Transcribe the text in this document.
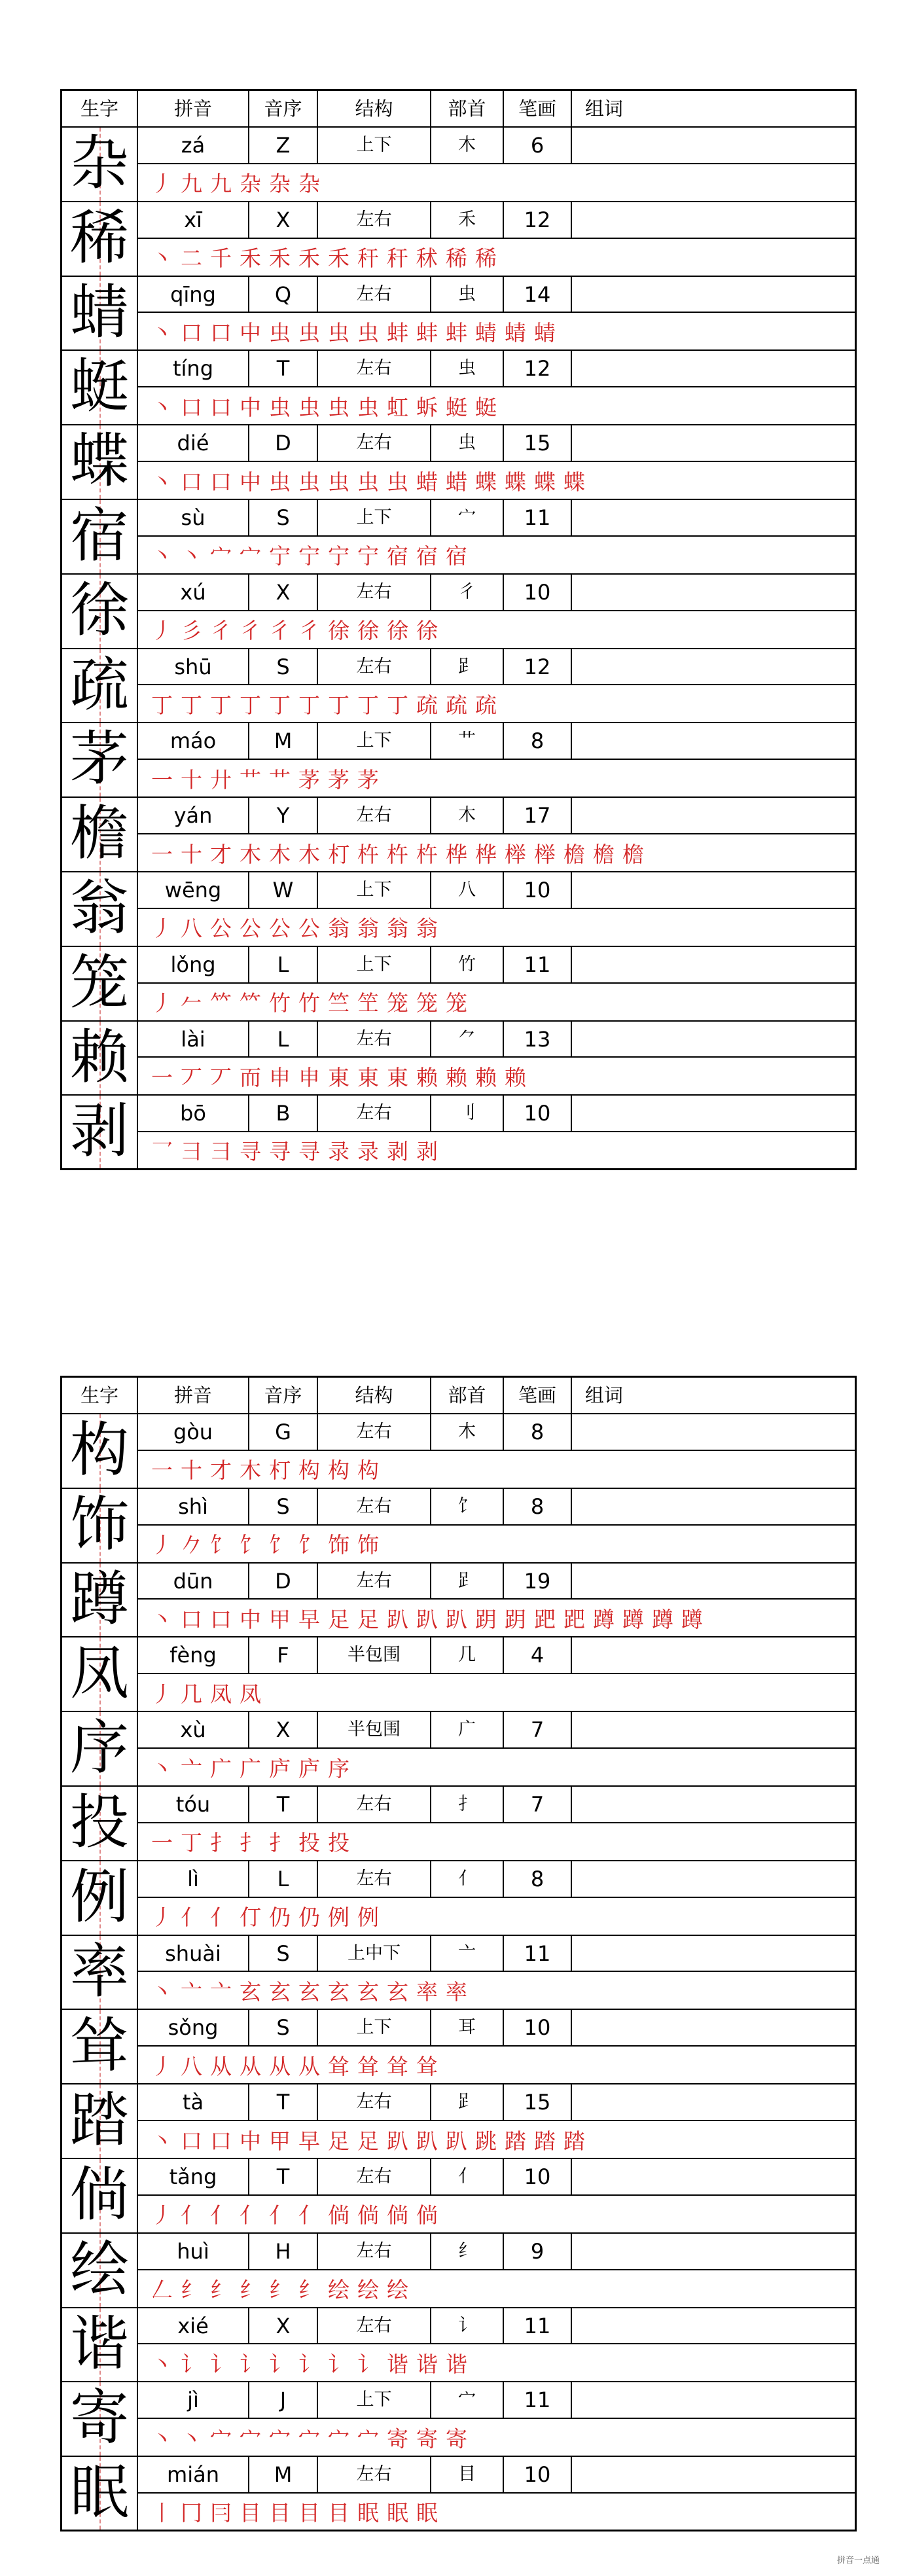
生字	拼音	音序	结构	部首	笔画	组词
杂	zá	Z	上下	木	6
丿 九 九 杂 杂 杂
稀	xī	X	左右	禾	12
丶 二 千 禾 禾 禾 禾 秆 秆 秫 稀 稀
蜻	qīng	Q	左右	虫	14
丶 口 口 中 虫 虫 虫 虫 蚌 蚌 蚌 蜻 蜻 蜻
蜓	tíng	T	左右	虫	12
丶 口 口 中 虫 虫 虫 虫 虹 蚸 蜓 蜓
蝶	dié	D	左右	虫	15
丶 口 口 中 虫 虫 虫 虫 虫 蜡 蜡 蝶 蝶 蝶 蝶
宿	sù	S	上下	宀	11
丶 丶 宀 宀 宁 宁 宁 宁 宿 宿 宿
徐	xú	X	左右	彳	10
丿 彡 彳 彳 彳 彳 徐 徐 徐 徐
疏	shū	S	左右	𧾷	12
丁 丁 丁 丁 丁 丁 丁 丁 丁 疏 疏 疏
茅	máo	M	上下	艹	8
一 十 廾 艹 艹 茅 茅 茅
檐	yán	Y	左右	木	17
一 十 才 木 木 木 朾 杵 杵 杵 桦 桦 榉 榉 檐 檐 檐
翁	wēng	W	上下	八	10
丿 八 公 公 公 公 翁 翁 翁 翁
笼	lǒng	L	上下	竹	11
丿 𠂉 𥫗 𥫗 竹 竹 竺 笁 笼 笼 笼
赖	lài	L	左右	⺈	13
一 丆 丆 而 申 申 東 東 東 赖 赖 赖 赖
剥	bō	B	左右	刂	10
乛 彐 彐 寻 寻 寻 录 录 剥 剥
生字	拼音	音序	结构	部首	笔画	组词
构	gòu	G	左右	木	8
一 十 才 木 朾 构 构 构
饰	shì	S	左右	饣	8
丿 𠂊 饣 饣 饣 饣 饰 饰
蹲	dūn	D	左右	𧾷	19
丶 口 口 中 甲 早 足 足 趴 趴 趴 跀 跀 跁 跁 蹲 蹲 蹲 蹲
凤	fèng	F	半包围	几	4
丿 几 凤 凤
序	xù	X	半包围	广	7
丶 亠 广 广 庐 庐 序
投	tóu	T	左右	扌	7
一 丁 扌 扌 扌 投 投
例	lì	L	左右	亻	8
丿 亻 亻 仃 仍 仍 例 例
率	shuài	S	上中下	亠	11
丶 亠 亠 玄 玄 玄 玄 玄 玄 率 率
耸	sǒng	S	上下	耳	10
丿 八 从 从 从 从 耸 耸 耸 耸
踏	tà	T	左右	𧾷	15
丶 口 口 中 甲 早 足 足 趴 趴 趴 跳 踏 踏 踏
倘	tǎng	T	左右	亻	10
丿 亻 亻 亻 亻 亻 倘 倘 倘 倘
绘	huì	H	左右	纟	9
𠃋 纟 纟 纟 纟 纟 绘 绘 绘
谐	xié	X	左右	讠	11
丶 讠 讠 讠 讠 讠 讠 讠 谐 谐 谐
寄	jì	J	上下	宀	11
丶 丶 宀 宀 宀 宀 宀 宀 寄 寄 寄
眠	mián	M	左右	目	10
丨 冂 冃 目 目 目 目 眠 眠 眠
拼音一点通
